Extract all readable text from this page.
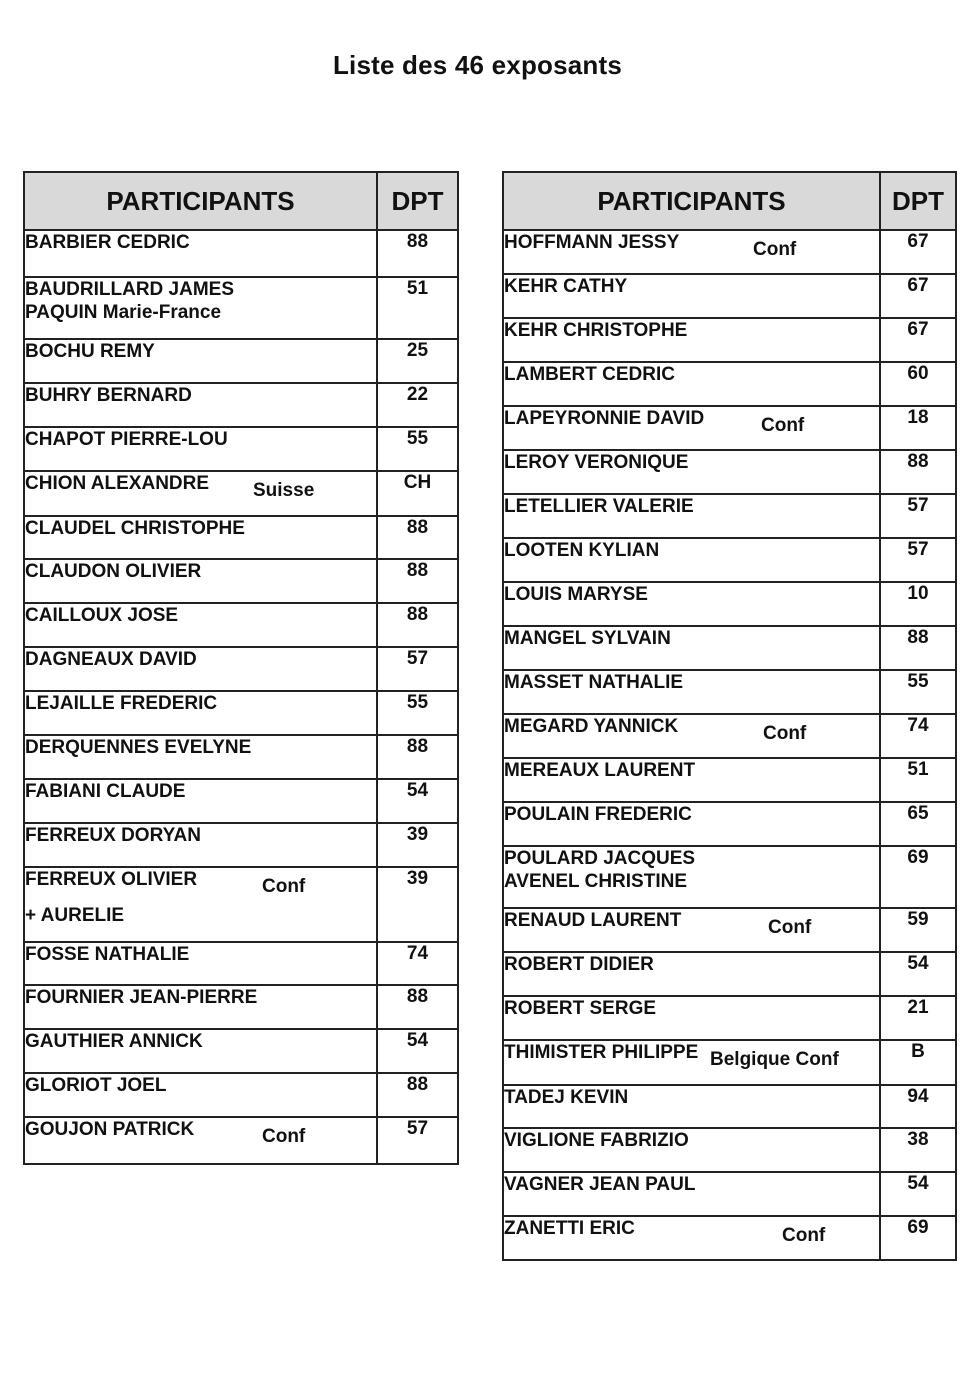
Liste des 46 exposants
PARTICIPANTS	DPT

BARBIER CEDRIC	88

BAUDRILLARD JAMES
PAQUIN Marie-France	51

BOCHU REMY	25

BUHRY BERNARD	22

CHAPOT PIERRE-LOU	55

CHION ALEXANDRE Suisse	CH

CLAUDEL CHRISTOPHE	88

CLAUDON OLIVIER	88

CAILLOUX JOSE	88

DAGNEAUX DAVID	57

LEJAILLE FREDERIC	55

DERQUENNES EVELYNE	88

FABIANI CLAUDE	54

FERREUX DORYAN	39

FERREUX OLIVIER Conf
+ AURELIE	39

FOSSE NATHALIE	74

FOURNIER JEAN-PIERRE	88

GAUTHIER ANNICK	54

GLORIOT JOEL	88

GOUJON PATRICK Conf	57
PARTICIPANTS	DPT

HOFFMANN JESSY Conf	67

KEHR CATHY	67

KEHR CHRISTOPHE	67

LAMBERT CEDRIC	60

LAPEYRONNIE DAVID Conf	18

LEROY VERONIQUE	88

LETELLIER VALERIE	57

LOOTEN KYLIAN	57

LOUIS MARYSE	10

MANGEL SYLVAIN	88

MASSET NATHALIE	55

MEGARD YANNICK Conf	74

MEREAUX LAURENT	51

POULAIN FREDERIC	65

POULARD JACQUES
AVENEL CHRISTINE	69

RENAUD LAURENT Conf	59

ROBERT DIDIER	54

ROBERT SERGE	21

THIMISTER PHILIPPE Belgique Conf	B

TADEJ KEVIN	94

VIGLIONE FABRIZIO	38

VAGNER JEAN PAUL	54

ZANETTI ERIC Conf	69
